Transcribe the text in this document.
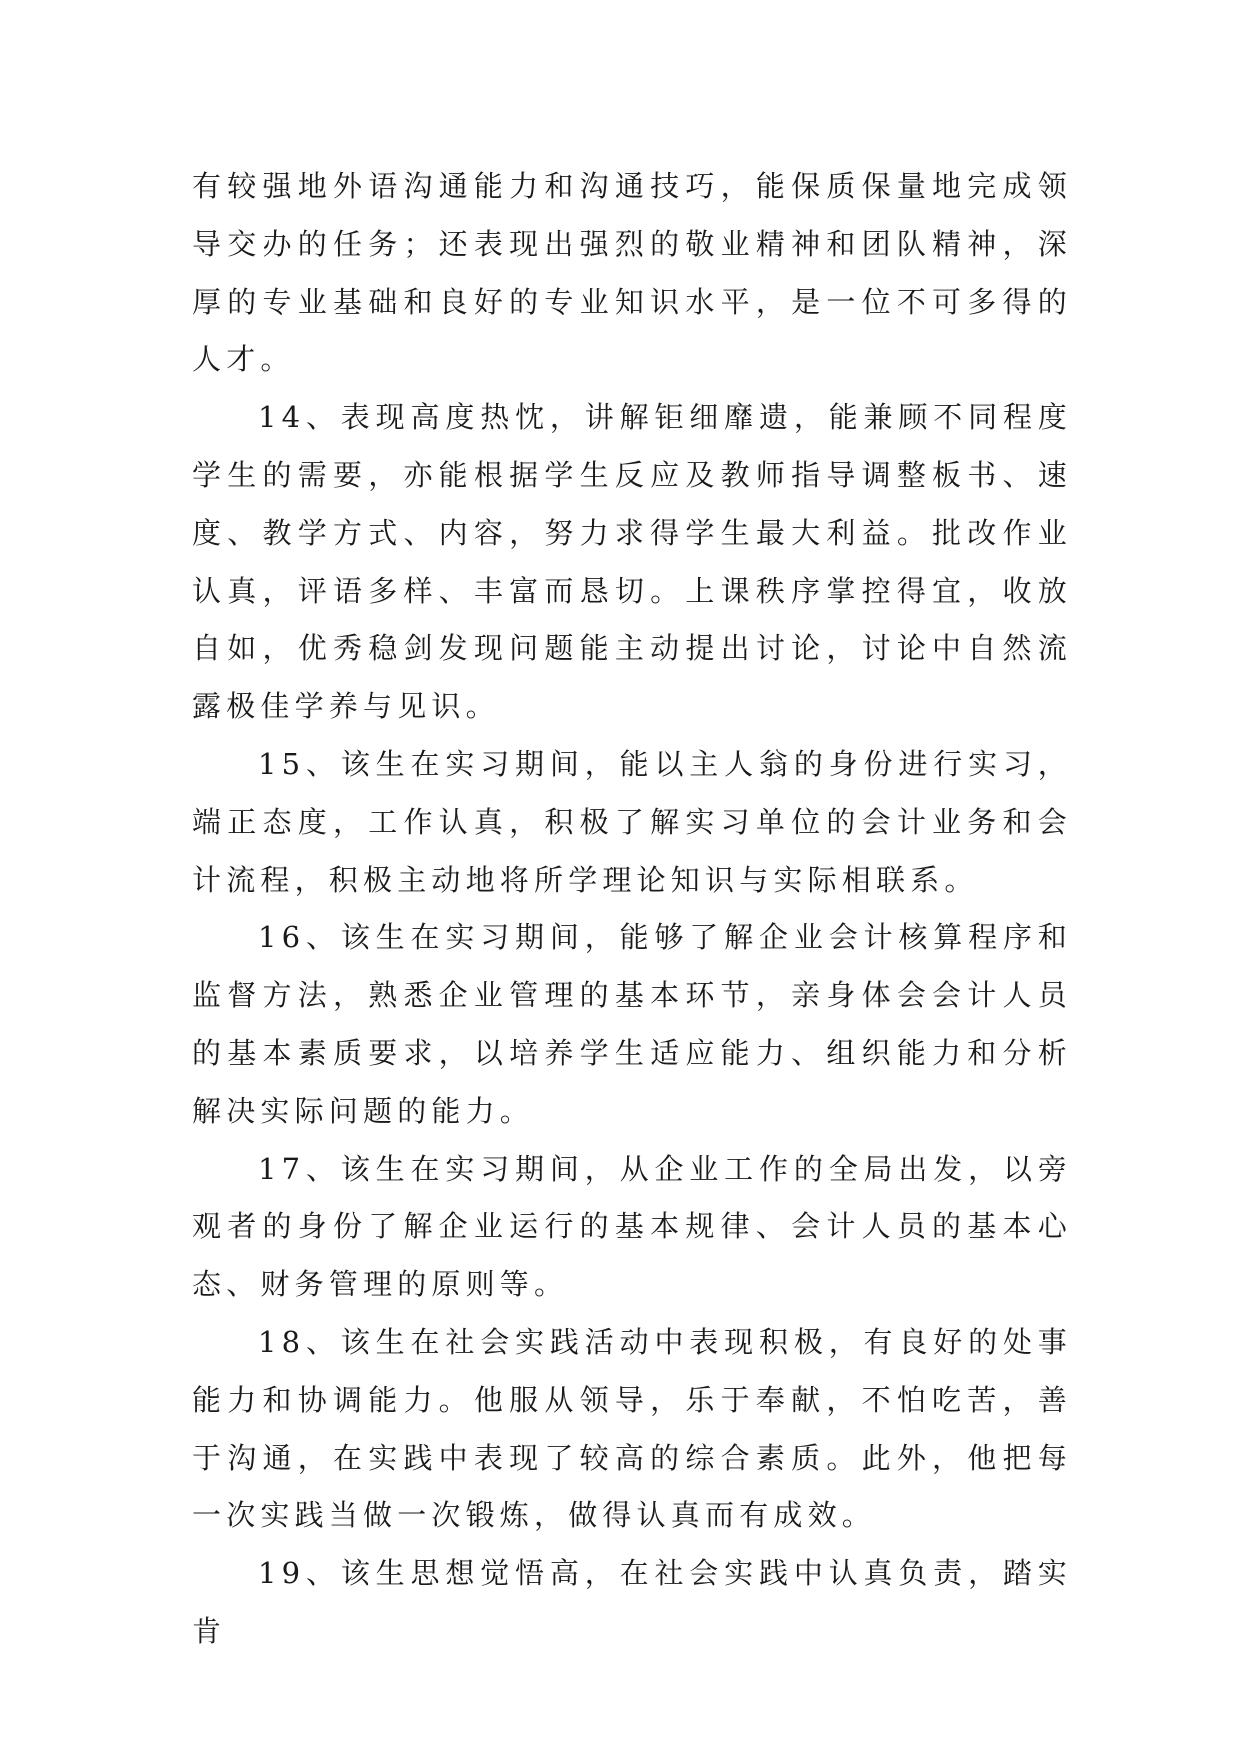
有较强地外语沟通能力和沟通技巧，能保质保量地完成领导交办的任务；还表现出强烈的敬业精神和团队精神，深厚的专业基础和良好的专业知识水平，是一位不可多得的人才。

14、表现高度热忱，讲解钜细靡遗，能兼顾不同程度学生的需要，亦能根据学生反应及教师指导调整板书、速度、教学方式、内容，努力求得学生最大利益。批改作业认真，评语多样、丰富而恳切。上课秩序掌控得宜，收放自如，优秀稳剑发现问题能主动提出讨论，讨论中自然流露极佳学养与见识。

15、该生在实习期间，能以主人翁的身份进行实习，端正态度，工作认真，积极了解实习单位的会计业务和会计流程，积极主动地将所学理论知识与实际相联系。

16、该生在实习期间，能够了解企业会计核算程序和监督方法，熟悉企业管理的基本环节，亲身体会会计人员的基本素质要求，以培养学生适应能力、组织能力和分析解决实际问题的能力。

17、该生在实习期间，从企业工作的全局出发，以旁观者的身份了解企业运行的基本规律、会计人员的基本心态、财务管理的原则等。

18、该生在社会实践活动中表现积极，有良好的处事能力和协调能力。他服从领导，乐于奉献，不怕吃苦，善于沟通，在实践中表现了较高的综合素质。此外，他把每一次实践当做一次锻炼，做得认真而有成效。

19、该生思想觉悟高，在社会实践中认真负责，踏实肯
